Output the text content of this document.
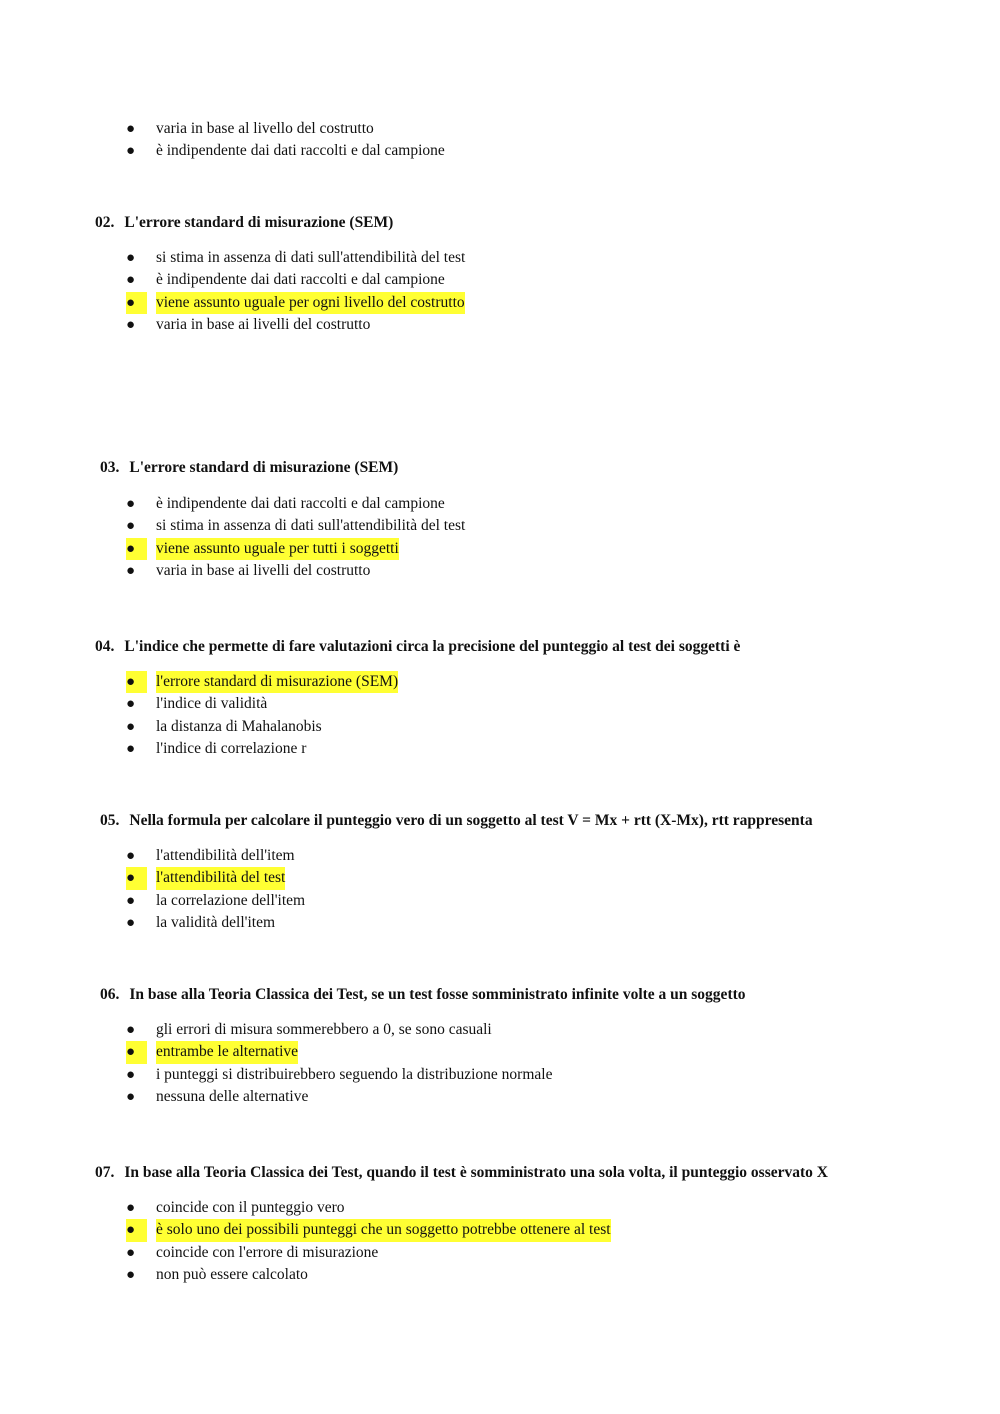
● varia in base al livello del costrutto
● è indipendente dai dati raccolti e dal campione
02. L'errore standard di misurazione (SEM)
● si stima in assenza di dati sull'attendibilità del test
● è indipendente dai dati raccolti e dal campione
●	viene assunto uguale per ogni livello del costrutto
● varia in base ai livelli del costrutto
03. L'errore standard di misurazione (SEM)
● è indipendente dai dati raccolti e dal campione
● si stima in assenza di dati sull'attendibilità del test
●	viene assunto uguale per tutti i soggetti
● varia in base ai livelli del costrutto
04. L'indice che permette di fare valutazioni circa la precisione del punteggio al test dei soggetti è
●	l'errore standard di misurazione (SEM)
● l'indice di validità
● la distanza di Mahalanobis
● l'indice di correlazione r
05. Nella formula per calcolare il punteggio vero di un soggetto al test V = Mx + rtt (X-Mx), rtt rappresenta
● l'attendibilità dell'item
●	l'attendibilità del test
● la correlazione dell'item
● la validità dell'item
06. In base alla Teoria Classica dei Test, se un test fosse somministrato infinite volte a un soggetto
● gli errori di misura sommerebbero a 0, se sono casuali
●	entrambe le alternative
● i punteggi si distribuirebbero seguendo la distribuzione normale
● nessuna delle alternative
07. In base alla Teoria Classica dei Test, quando il test è somministrato una sola volta, il punteggio osservato X
● coincide con il punteggio vero
●	è solo uno dei possibili punteggi che un soggetto potrebbe ottenere al test
● coincide con l'errore di misurazione
● non può essere calcolato
